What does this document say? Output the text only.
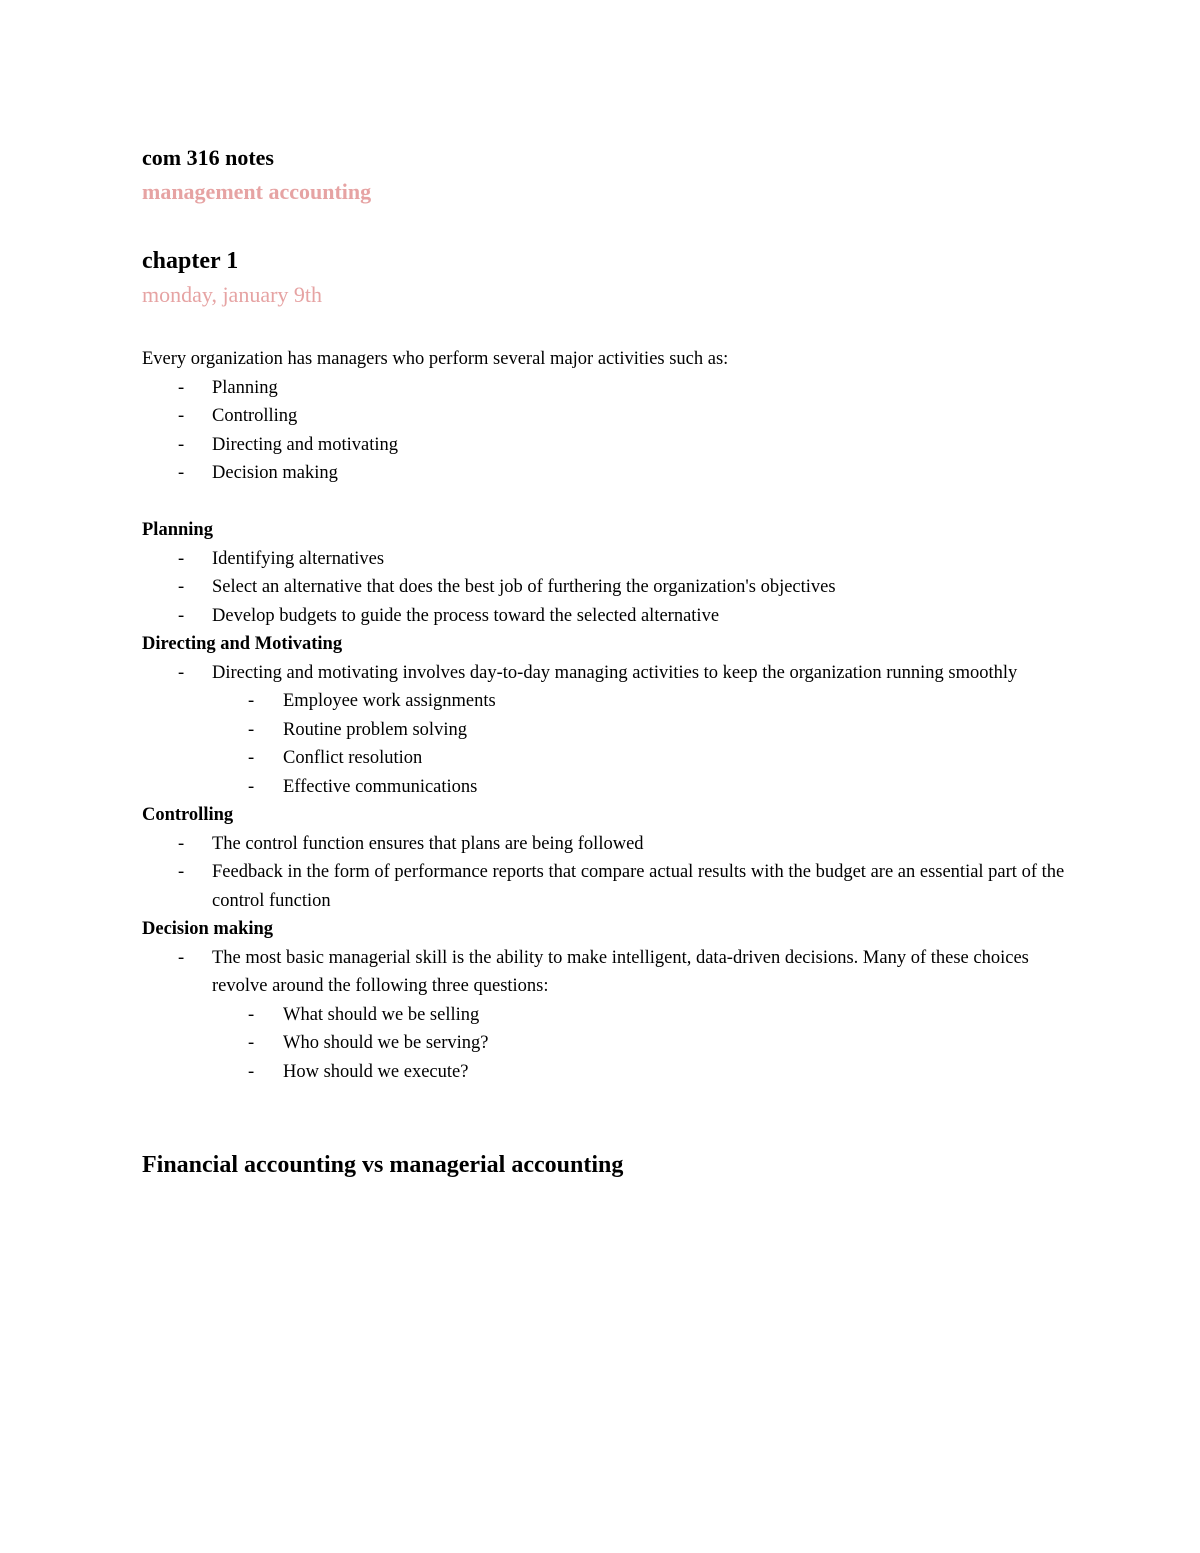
com 316 notes
management accounting
chapter 1
monday, january 9th

Every organization has managers who perform several major activities such as:

- Planning
- Controlling
- Directing and motivating
- Decision making

Planning

- Identifying alternatives
- Select an alternative that does the best job of furthering the organization's objectives
- Develop budgets to guide the process toward the selected alternative

Directing and Motivating

- Directing and motivating involves day-to-day managing activities to keep the organization running smoothly
- Employee work assignments
- Routine problem solving
- Conflict resolution
- Effective communications

Controlling

- The control function ensures that plans are being followed
- Feedback in the form of performance reports that compare actual results with the budget are an essential part of the control function

Decision making

- The most basic managerial skill is the ability to make intelligent, data-driven decisions. Many of these choices revolve around the following three questions:
- What should we be selling
- Who should we be serving?
- How should we execute?
Financial accounting vs managerial accounting
